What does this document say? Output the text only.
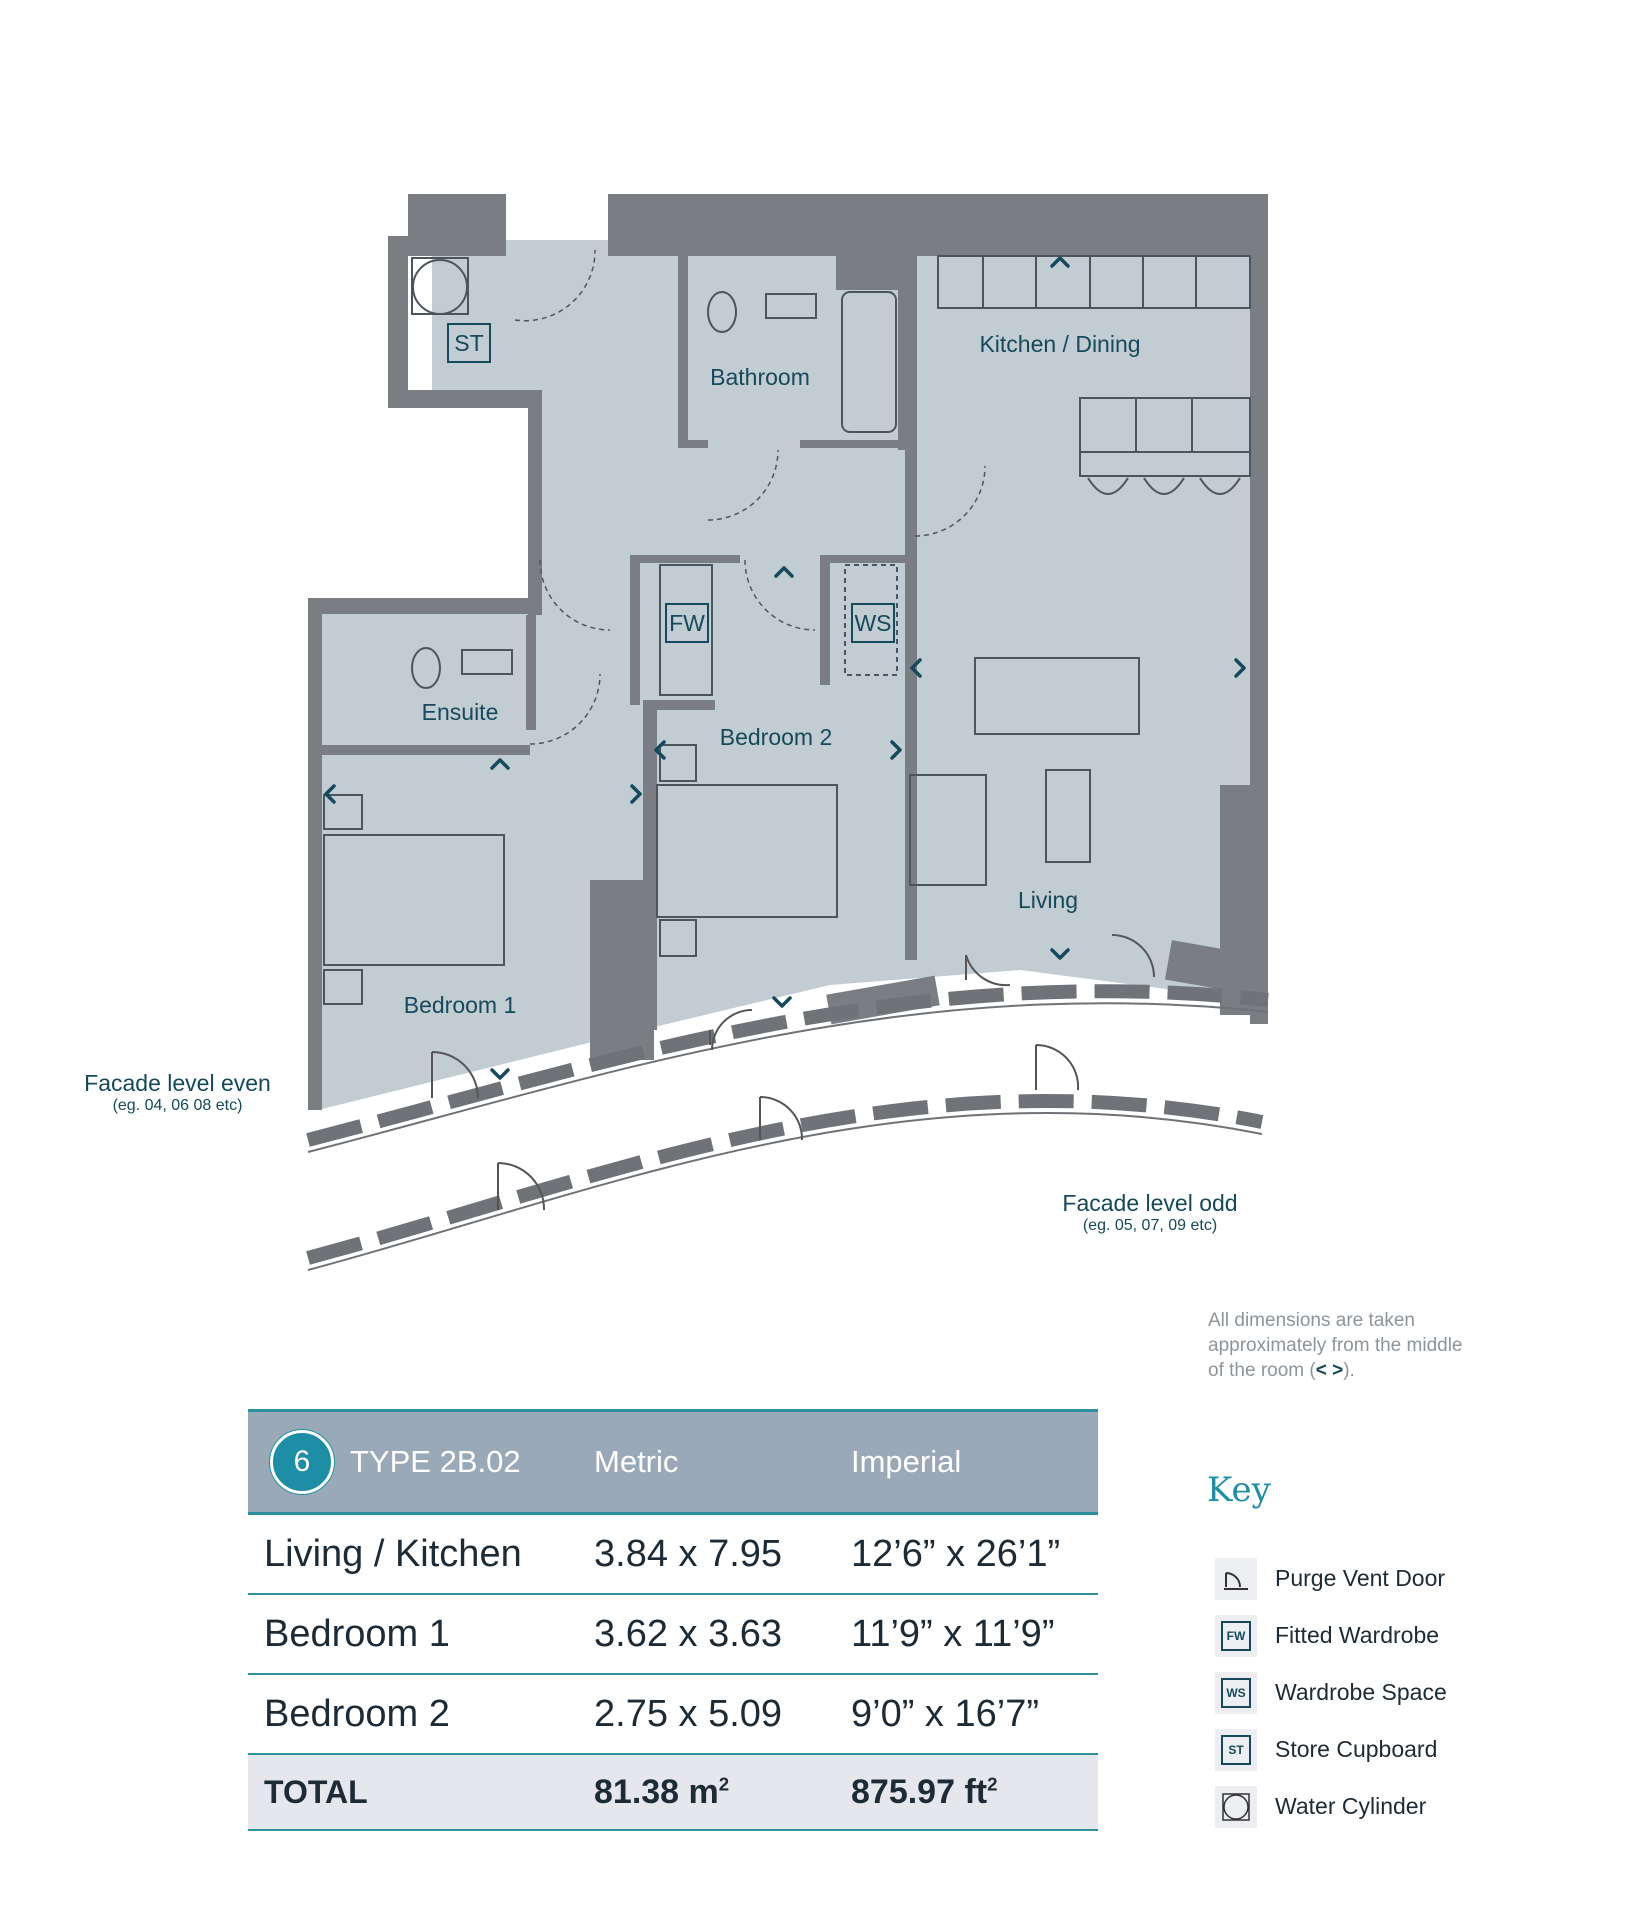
ST
FW	WS
Kitchen / Dining
Bathroom
Ensuite
Bedroom 2
Living
Bedroom 1
Facade level even
(eg. 04, 06 08 etc)
Facade level odd
(eg. 05, 07, 09 etc)
All dimensions are taken approximately from the middle of the room (< >).
6 TYPE 2B.02	Metric	Imperial
Living / Kitchen	3.84 x 7.95	12’6” x 26’1”
Bedroom 1	3.62 x 3.63	11’9” x 11’9”
Bedroom 2	2.75 x 5.09	9’0” x 16’7”
TOTAL	81.38 $m^2$	875.97 $ft^2$
Key
Purge Vent Door
FW Fitted Wardrobe
WS Wardrobe Space
ST	Store Cupboard
Water Cylinder
